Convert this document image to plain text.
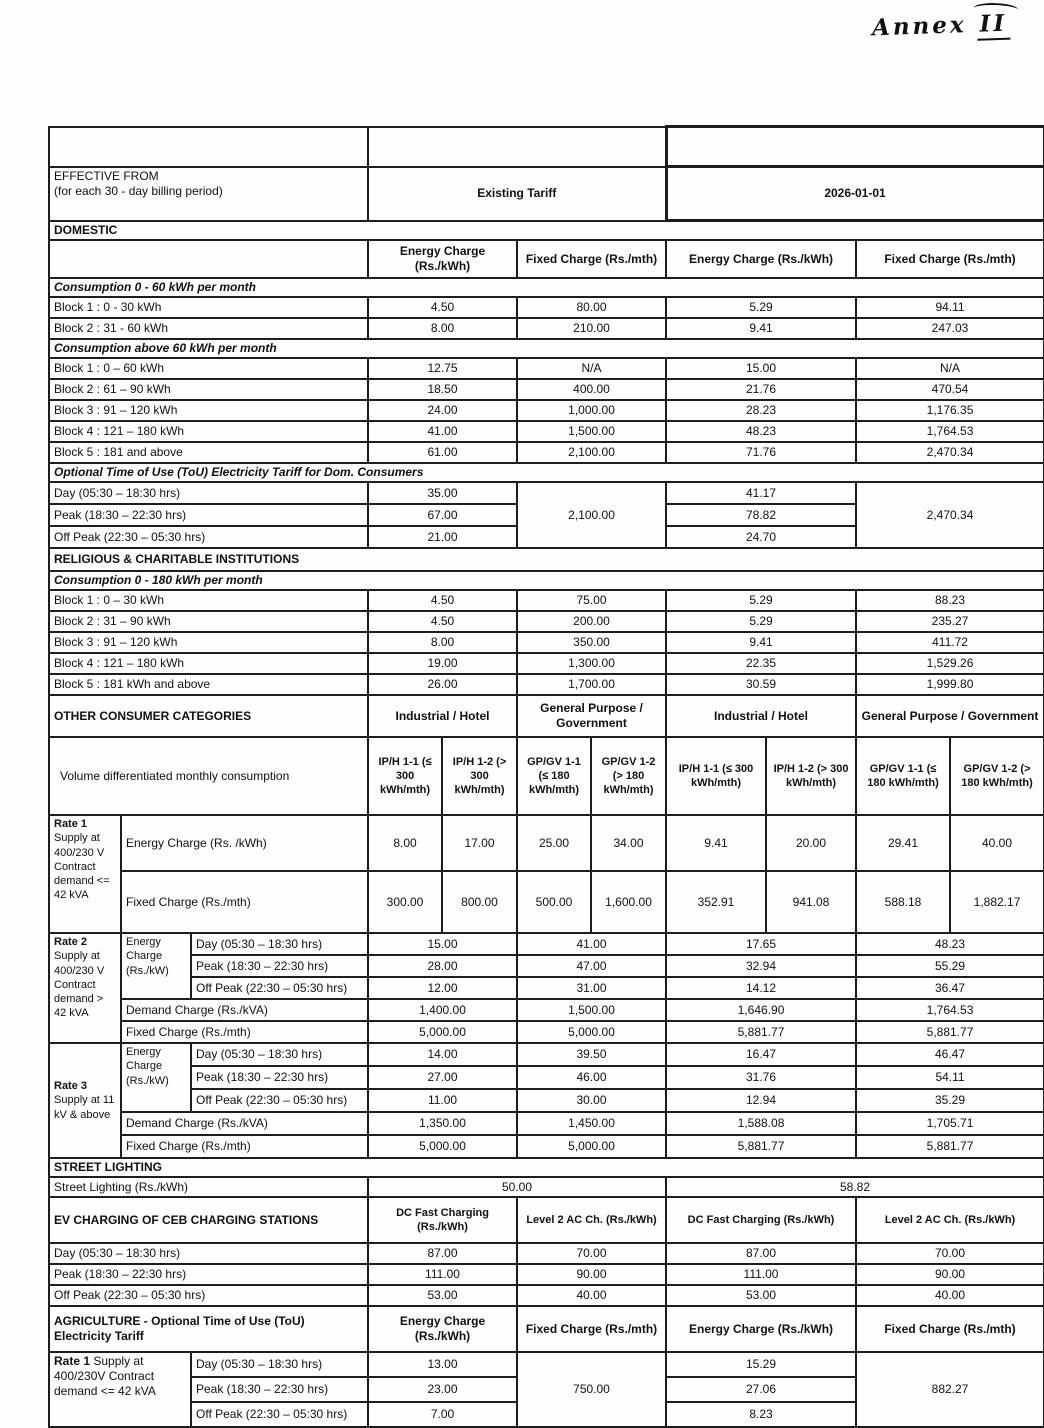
Annex II

EFFECTIVE FROM
(for each 30 - day billing period)			Existing Tariff				2026-01-01			
DOMESTIC										
			Energy Charge (Rs./kWh)		Fixed Charge (Rs./mth)		Energy Charge (Rs./kWh)		Fixed Charge (Rs./mth)	
Consumption 0 - 60 kWh per month										
Block 1 : 0 - 30 kWh			4.50		80.00		5.29		94.11	
Block 2 : 31 - 60 kWh			8.00		210.00		9.41		247.03	
Consumption above 60 kWh per month										
Block 1 : 0 – 60 kWh			12.75		N/A		15.00		N/A	
Block 2 : 61 – 90 kWh			18.50		400.00		21.76		470.54	
Block 3 : 91 – 120 kWh			24.00		1,000.00		28.23		1,176.35	
Block 4 : 121 – 180 kWh			41.00		1,500.00		48.23		1,764.53	
Block 5 : 181 and above			61.00		2,100.00		71.76		2,470.34	
Optional Time of Use (ToU) Electricity Tariff for Dom. Consumers										
Day (05:30 – 18:30 hrs)			35.00		2,100.00		41.17		2,470.34	
Peak (18:30 – 22:30 hrs)			67.00				78.82			
Off Peak (22:30 – 05:30 hrs)			21.00				24.70			
RELIGIOUS & CHARITABLE INSTITUTIONS										
Consumption 0 - 180 kWh per month										
Block 1 : 0 – 30 kWh			4.50		75.00		5.29		88.23	
Block 2 : 31 – 90 kWh			4.50		200.00		5.29		235.27	
Block 3 : 91 – 120 kWh			8.00		350.00		9.41		411.72	
Block 4 : 121 – 180 kWh			19.00		1,300.00		22.35		1,529.26	
Block 5 : 181 kWh and above			26.00		1,700.00		30.59		1,999.80	
OTHER CONSUMER CATEGORIES			Industrial / Hotel		General Purpose / Government		Industrial / Hotel		General Purpose / Government	
Volume differentiated monthly consumption			IP/H 1-1 (≤ 300 kWh/mth)	IP/H 1-2 (> 300 kWh/mth)	GP/GV 1-1 (≤ 180 kWh/mth)	GP/GV 1-2 (> 180 kWh/mth)	IP/H 1-1 (≤ 300 kWh/mth)	IP/H 1-2 (> 300 kWh/mth)	GP/GV 1-1 (≤ 180 kWh/mth)	GP/GV 1-2 (> 180 kWh/mth)
Rate 1 Supply at 400/230 V Contract demand <= 42 kVA	Energy Charge (Rs. /kWh)		8.00	17.00	25.00	34.00	9.41	20.00	29.41	40.00
	Fixed Charge (Rs./mth)		300.00	800.00	500.00	1,600.00	352.91	941.08	588.18	1,882.17
Rate 2 Supply at 400/230 V Contract demand > 42 kVA	Energy Charge (Rs./kW)	Day (05:30 – 18:30 hrs)	15.00		41.00		17.65		48.23	
		Peak (18:30 – 22:30 hrs)	28.00		47.00		32.94		55.29	
		Off Peak (22:30 – 05:30 hrs)	12.00		31.00		14.12		36.47	
	Demand Charge (Rs./kVA)		1,400.00		1,500.00		1,646.90		1,764.53	
	Fixed Charge (Rs./mth)		5,000.00		5,000.00		5,881.77		5,881.77	
Rate 3 Supply at 11 kV & above	Energy Charge (Rs./kW)	Day (05:30 – 18:30 hrs)	14.00		39.50		16.47		46.47	
		Peak (18:30 – 22:30 hrs)	27.00		46.00		31.76		54.11	
		Off Peak (22:30 – 05:30 hrs)	11.00		30.00		12.94		35.29	
	Demand Charge (Rs./kVA)		1,350.00		1,450.00		1,588.08		1,705.71	
	Fixed Charge (Rs./mth)		5,000.00		5,000.00		5,881.77		5,881.77	
STREET LIGHTING										
Street Lighting (Rs./kWh)			50.00				58.82			
EV CHARGING OF CEB CHARGING STATIONS			DC Fast Charging (Rs./kWh)		Level 2 AC Ch. (Rs./kWh)		DC Fast Charging (Rs./kWh)		Level 2 AC Ch. (Rs./kWh)	
Day (05:30 – 18:30 hrs)			87.00		70.00		87.00		70.00	
Peak (18:30 – 22:30 hrs)			111.00		90.00		111.00		90.00	
Off Peak (22:30 – 05:30 hrs)			53.00		40.00		53.00		40.00	
AGRICULTURE - Optional Time of Use (ToU) Electricity Tariff			Energy Charge (Rs./kWh)		Fixed Charge (Rs./mth)		Energy Charge (Rs./kWh)		Fixed Charge (Rs./mth)	
Rate 1 Supply at 400/230V Contract demand <= 42 kVA		Day (05:30 – 18:30 hrs)	13.00		750.00		15.29		882.27	
		Peak (18:30 – 22:30 hrs)	23.00				27.06			
		Off Peak (22:30 – 05:30 hrs)	7.00				8.23			
